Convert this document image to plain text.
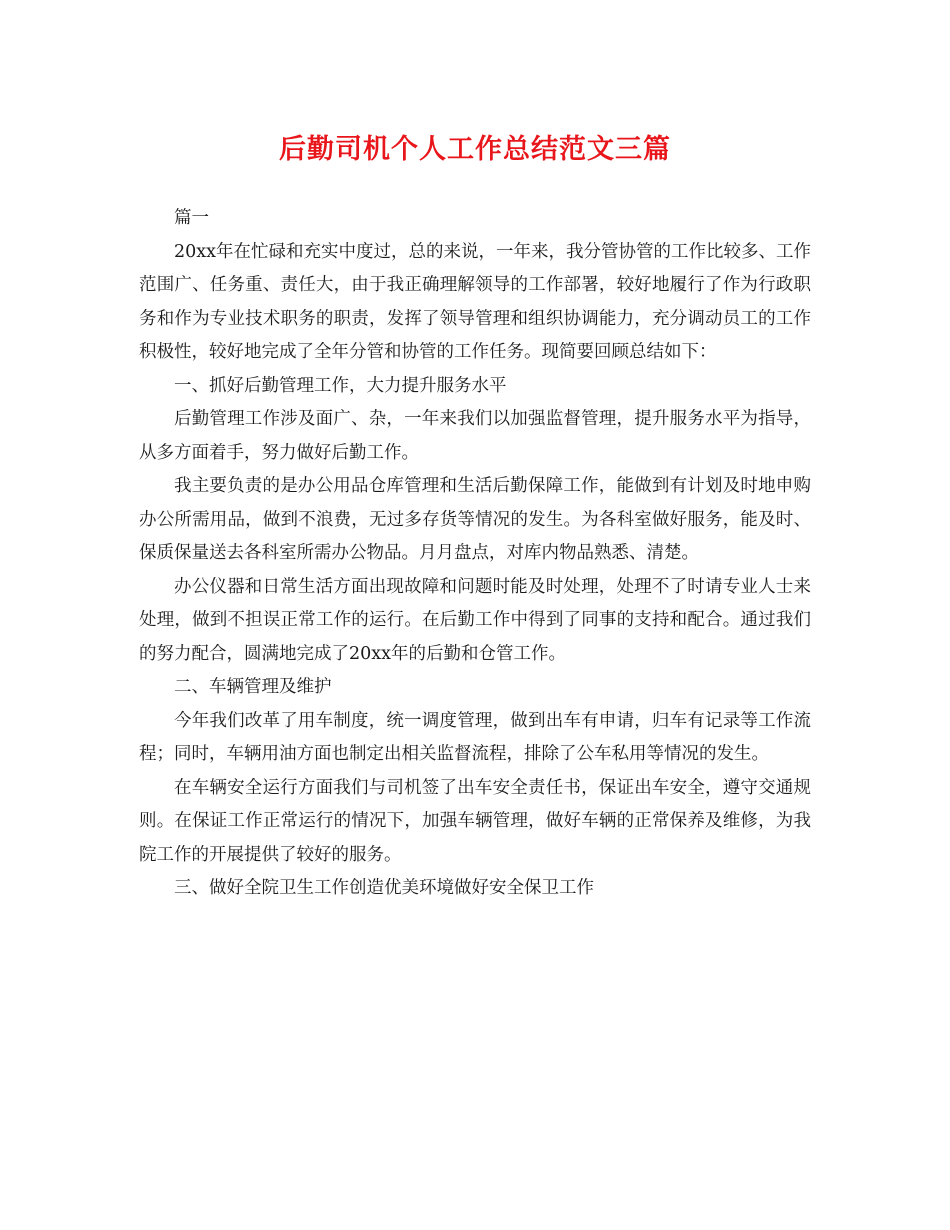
后勤司机个人工作总结范文三篇

篇一

20xx年在忙碌和充实中度过，总的来说，一年来，我分管协管的工作比较多、工作范围广、任务重、责任大，由于我正确理解领导的工作部署，较好地履行了作为行政职务和作为专业技术职务的职责，发挥了领导管理和组织协调能力，充分调动员工的工作积极性，较好地完成了全年分管和协管的工作任务。现简要回顾总结如下：

一、抓好后勤管理工作，大力提升服务水平

后勤管理工作涉及面广、杂，一年来我们以加强监督管理，提升服务水平为指导，从多方面着手，努力做好后勤工作。

我主要负责的是办公用品仓库管理和生活后勤保障工作，能做到有计划及时地申购办公所需用品，做到不浪费，无过多存货等情况的发生。为各科室做好服务，能及时、保质保量送去各科室所需办公物品。月月盘点，对库内物品熟悉、清楚。

办公仪器和日常生活方面出现故障和问题时能及时处理，处理不了时请专业人士来处理，做到不担误正常工作的运行。在后勤工作中得到了同事的支持和配合。通过我们的努力配合，圆满地完成了20xx年的后勤和仓管工作。

二、车辆管理及维护

今年我们改革了用车制度，统一调度管理，做到出车有申请，归车有记录等工作流程；同时，车辆用油方面也制定出相关监督流程，排除了公车私用等情况的发生。

在车辆安全运行方面我们与司机签了出车安全责任书，保证出车安全，遵守交通规则。在保证工作正常运行的情况下，加强车辆管理，做好车辆的正常保养及维修，为我院工作的开展提供了较好的服务。

三、做好全院卫生工作创造优美环境做好安全保卫工作
